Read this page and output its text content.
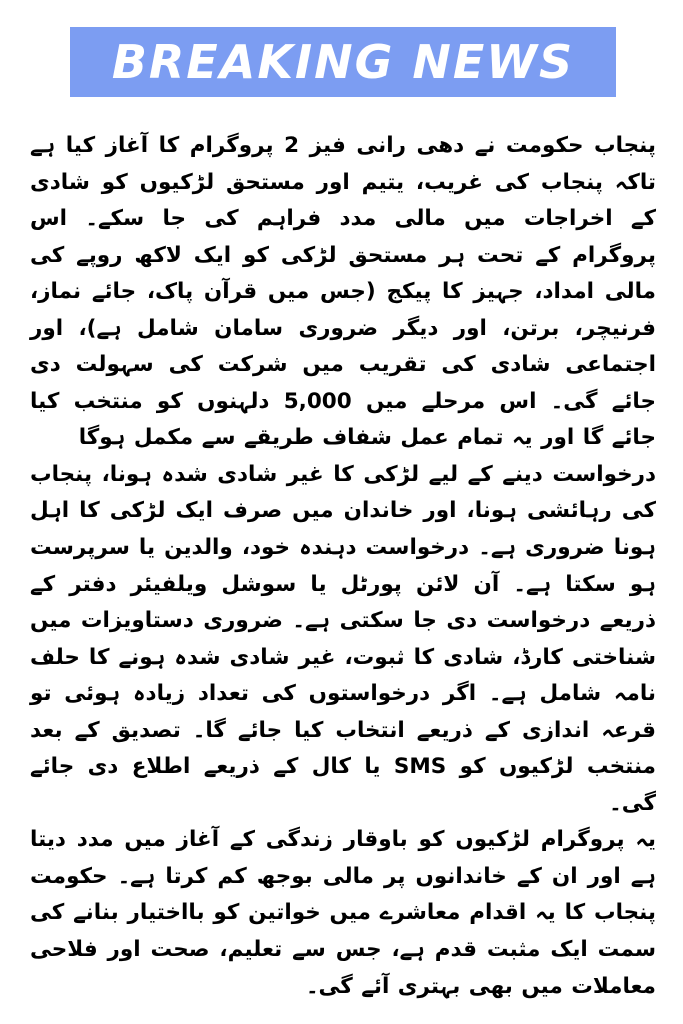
BREAKING NEWS

پنجاب حکومت نے دھی رانی فیز 2 پروگرام کا آغاز کیا ہے تاکہ پنجاب کی غریب، یتیم اور مستحق لڑکیوں کو شادی کے اخراجات میں مالی مدد فراہم کی جا سکے۔ اس پروگرام کے تحت ہر مستحق لڑکی کو ایک لاکھ روپے کی مالی امداد، جہیز کا پیکج (جس میں قرآن پاک، جائے نماز، فرنیچر، برتن، اور دیگر ضروری سامان شامل ہے)، اور اجتماعی شادی کی تقریب میں شرکت کی سہولت دی جائے گی۔ اس مرحلے میں 5,000 دلہنوں کو منتخب کیا جائے گا اور یہ تمام عمل شفاف طریقے سے مکمل ہوگا

درخواست دینے کے لیے لڑکی کا غیر شادی شدہ ہونا، پنجاب کی رہائشی ہونا، اور خاندان میں صرف ایک لڑکی کا اہل ہونا ضروری ہے۔ درخواست دہندہ خود، والدین یا سرپرست ہو سکتا ہے۔ آن لائن پورٹل یا سوشل ویلفیئر دفتر کے ذریعے درخواست دی جا سکتی ہے۔ ضروری دستاویزات میں شناختی کارڈ، شادی کا ثبوت، غیر شادی شدہ ہونے کا حلف نامہ شامل ہے۔ اگر درخواستوں کی تعداد زیادہ ہوئی تو قرعہ اندازی کے ذریعے انتخاب کیا جائے گا۔ تصدیق کے بعد منتخب لڑکیوں کو SMS یا کال کے ذریعے اطلاع دی جائے گی۔

یہ پروگرام لڑکیوں کو باوقار زندگی کے آغاز میں مدد دیتا ہے اور ان کے خاندانوں پر مالی بوجھ کم کرتا ہے۔ حکومت پنجاب کا یہ اقدام معاشرے میں خواتین کو بااختیار بنانے کی سمت ایک مثبت قدم ہے، جس سے تعلیم، صحت اور فلاحی معاملات میں بھی بہتری آئے گی۔
